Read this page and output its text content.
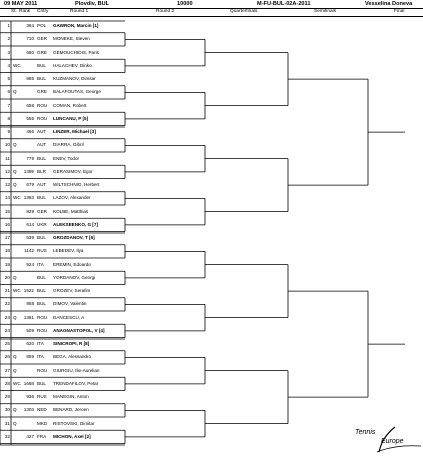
09 MAY 2011	Plovdiv, BUL	10000	M-FU-BUL-02A-2011	Vesselina Doneva
St. Rank Cntry	Round 1	Round 2	Quarterfinals	Semifinals	Final
1	364 POL GAWRON, Marcin [1]
2	710 GER MONEKE, Steven
3	680 GRE GEMOUCHIDIS, Paris
4 WC	BUL HALACHEV, Dinko
5	985 BUL KUZMANOV, Dimitar
6 Q	GRE BALAFOUTAS, George
7	658 ROU COMAN, Robert
8	555 ROU LUNCANU, P [5]
9	466 AUT LINZER, Michael [3]
10 Q	AUT DIARRA, Gibril
11	779 BUL ENEV, Todor
12 Q	1399 BLR GERASIMOV, Egor
13 Q	679 AUT WILTSCHNIG, Herbert
14 WC 1363 BUL LAZOV, Alexander
15	829 GER KOLBE, Matthias
16	614 UKR ALEKSEENKO, G [7]
17	539 BUL GROZDANOV, T [6]
18	1142 RUS LEBEDEV, Ilya
19	924 ITA EREMIN, Edoardo
20 Q	BUL YORDANOV, Georgi
21 WC 1522 BUL GROZEV, Serafim
22	958 BUL DIMOV, Valentin
23 Q	1381 ROU DANCESCU, A
24	509 ROU ANAGNASTOPOL, V [4]
25	620 ITA SINICROPI, R [8]
26 Q	859 ITA BEGA, Alessandro
27 Q	ROU GIURGIU, Ilie-Aurelian
28 WC 1668 BUL TRENDAFILOV, Petar
29	936 RUS MANEGIN, Anton
30 Q	1303 NED BENARD, Jeroen
31 Q	MKD RISTOVSKI, Dimitar
32	427 FRA MICHON, Axel [2]
Tennis
Europe
